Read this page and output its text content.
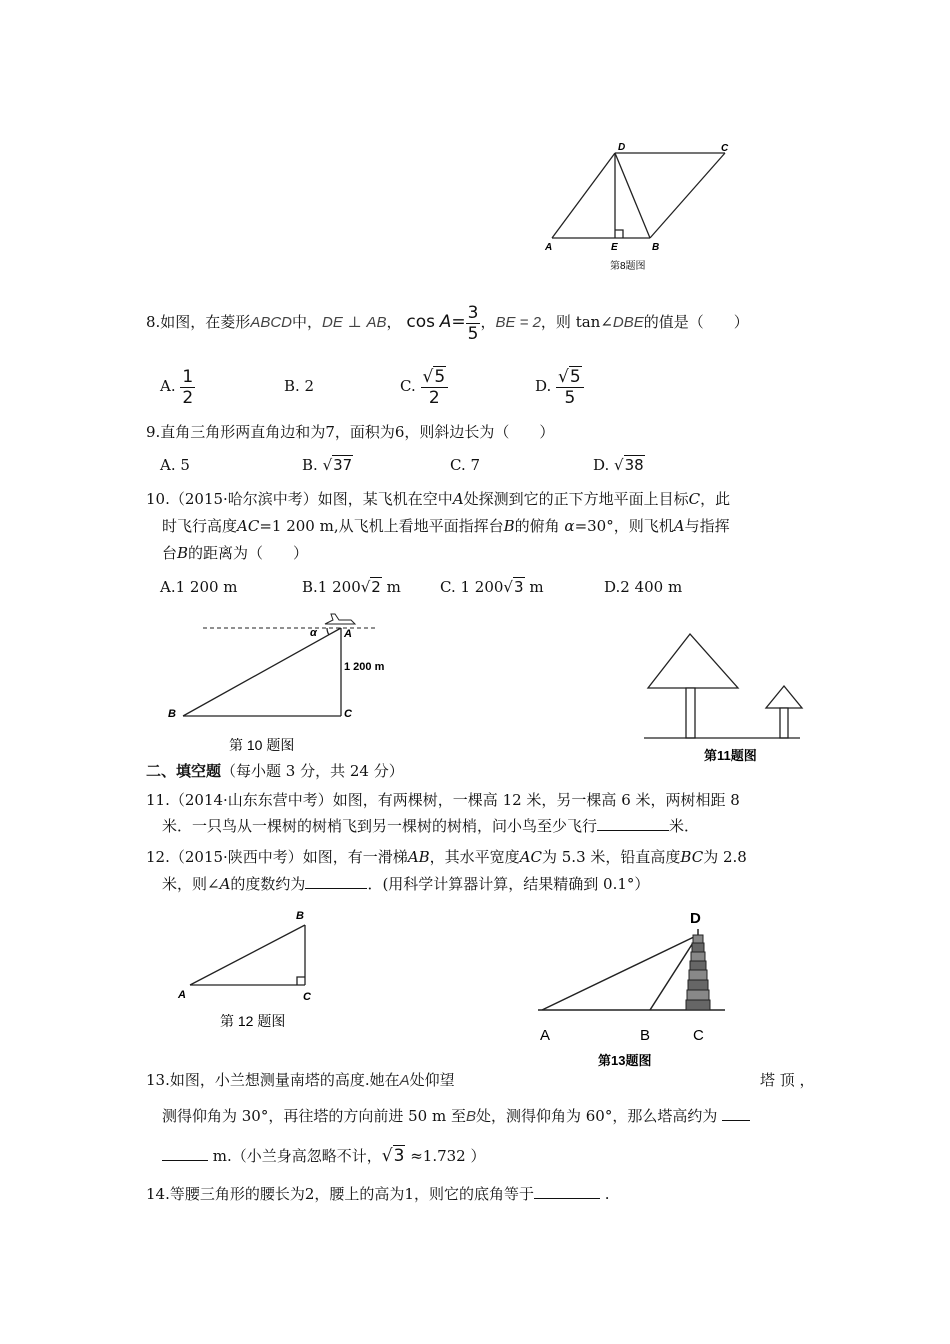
D	C
A	E	B
第8题图
8.如图，在菱形ABCD中，DE ⊥ AB， $\cos A= \frac{3}{5}$ ，BE = 2，则 tan∠DBE的值是（　　）
A. $\frac{1}{2}$	B. 2	C. $\frac{√5}{2}$	D. $\frac{√5}{5}$
9.直角三角形两直角边和为7，面积为6，则斜边长为（　　）
A. 5	B. √37	C. 7	D. √38
10.（2015·哈尔滨中考）如图，某飞机在空中A处探测到它的正下方地平面上目标C，此
时飞行高度AC=1 200 m,从飞机上看地平面指挥台B的俯角 α=30°，则飞机A与指挥
台B的距离为（　　）
A.1 200 m	B.1 200√2 m	C. 1 200√3 m	D.2 400 m
α A
1 200 m
B	C
第 10 题图
第11题图
二、填空题（每小题 3 分，共 24 分）
11.（2014·山东东营中考）如图，有两棵树，一棵高 12 米，另一棵高 6 米，两树相距 8
米．一只鸟从一棵树的树梢飞到另一棵树的树梢，问小鸟至少飞行	米．
12.（2015·陕西中考）如图，有一滑梯AB，其水平宽度AC为 5.3 米，铅直高度BC为 2.8
米，则∠A的度数约为	．(用科学计算器计算，结果精确到 0.1°）
B
A	C
第 12 题图
D
A	B	C
第13题图
13.如图，小兰想测量南塔的高度.她在A处仰望	塔 顶 ，
测得仰角为 30°，再往塔的方向前进 50 m 至B处，测得仰角为 60°，那么塔高约为
m.（小兰身高忽略不计，√3 ≈1.732 ）
14.等腰三角形的腰长为2，腰上的高为1，则它的底角等于	.
